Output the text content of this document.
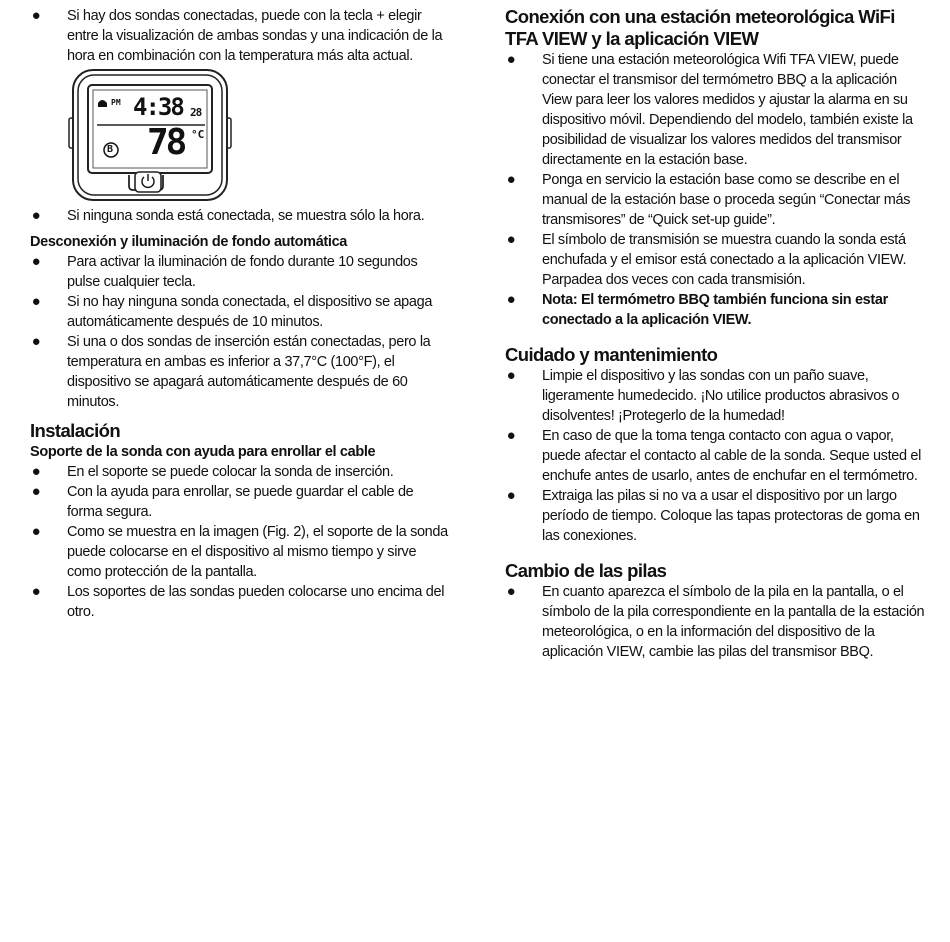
● Si hay dos sondas conectadas, puede con la tecla + elegir entre la visualización de ambas sondas y una indicación de la hora en combinación con la temperatura más alta actual.
PM 4:38 28
78 °C
B
● Si ninguna sonda está conectada, se muestra sólo la hora.
Desconexión y iluminación de fondo automática
● Para activar la iluminación de fondo durante 10 segundos pulse cualquier tecla.
● Si no hay ninguna sonda conectada, el dispositivo se apaga automáticamente después de 10 minutos.
● Si una o dos sondas de inserción están conectadas, pero la temperatura en ambas es inferior a 37,7°C (100°F), el dispositivo se apagará automáticamente después de 60 minutos.
Instalación
Soporte de la sonda con ayuda para enrollar el cable
● En el soporte se puede colocar la sonda de inserción.
● Con la ayuda para enrollar, se puede guardar el cable de forma segura.
● Como se muestra en la imagen (Fig. 2), el soporte de la sonda puede colocarse en el dispositivo al mismo tiempo y sirve como protección de la pantalla.
● Los soportes de las sondas pueden colocarse uno encima del otro.
Conexión con una estación meteorológica WiFi TFA VIEW y la aplicación VIEW
● Si tiene una estación meteorológica Wifi TFA VIEW, puede conectar el transmisor del termómetro BBQ a la aplicación View para leer los valores medidos y ajustar la alarma en su dispositivo móvil. Dependiendo del modelo, también existe la posibilidad de visualizar los valores medidos del transmisor directamente en la estación base.
● Ponga en servicio la estación base como se describe en el manual de la estación base o proceda según “Conectar más transmisores” de “Quick set-up guide”.
● El símbolo de transmisión se muestra cuando la sonda está enchufada y el emisor está conectado a la aplicación VIEW. Parpadea dos veces con cada transmisión.
● Nota: El termómetro BBQ también funciona sin estar conectado a la aplicación VIEW.
Cuidado y mantenimiento
● Limpie el dispositivo y las sondas con un paño suave, ligeramente humedecido. ¡No utilice productos abrasivos o disolventes! ¡Protegerlo de la humedad!
● En caso de que la toma tenga contacto con agua o vapor, puede afectar el contacto al cable de la sonda. Seque usted el enchufe antes de usarlo, antes de enchufar en el termómetro.
● Extraiga las pilas si no va a usar el dispositivo por un largo período de tiempo. Coloque las tapas protectoras de goma en las conexiones.
Cambio de las pilas
● En cuanto aparezca el símbolo de la pila en la pantalla, o el símbolo de la pila correspondiente en la pantalla de la estación meteorológica, o en la información del dispositivo de la aplicación VIEW, cambie las pilas del transmisor BBQ.
